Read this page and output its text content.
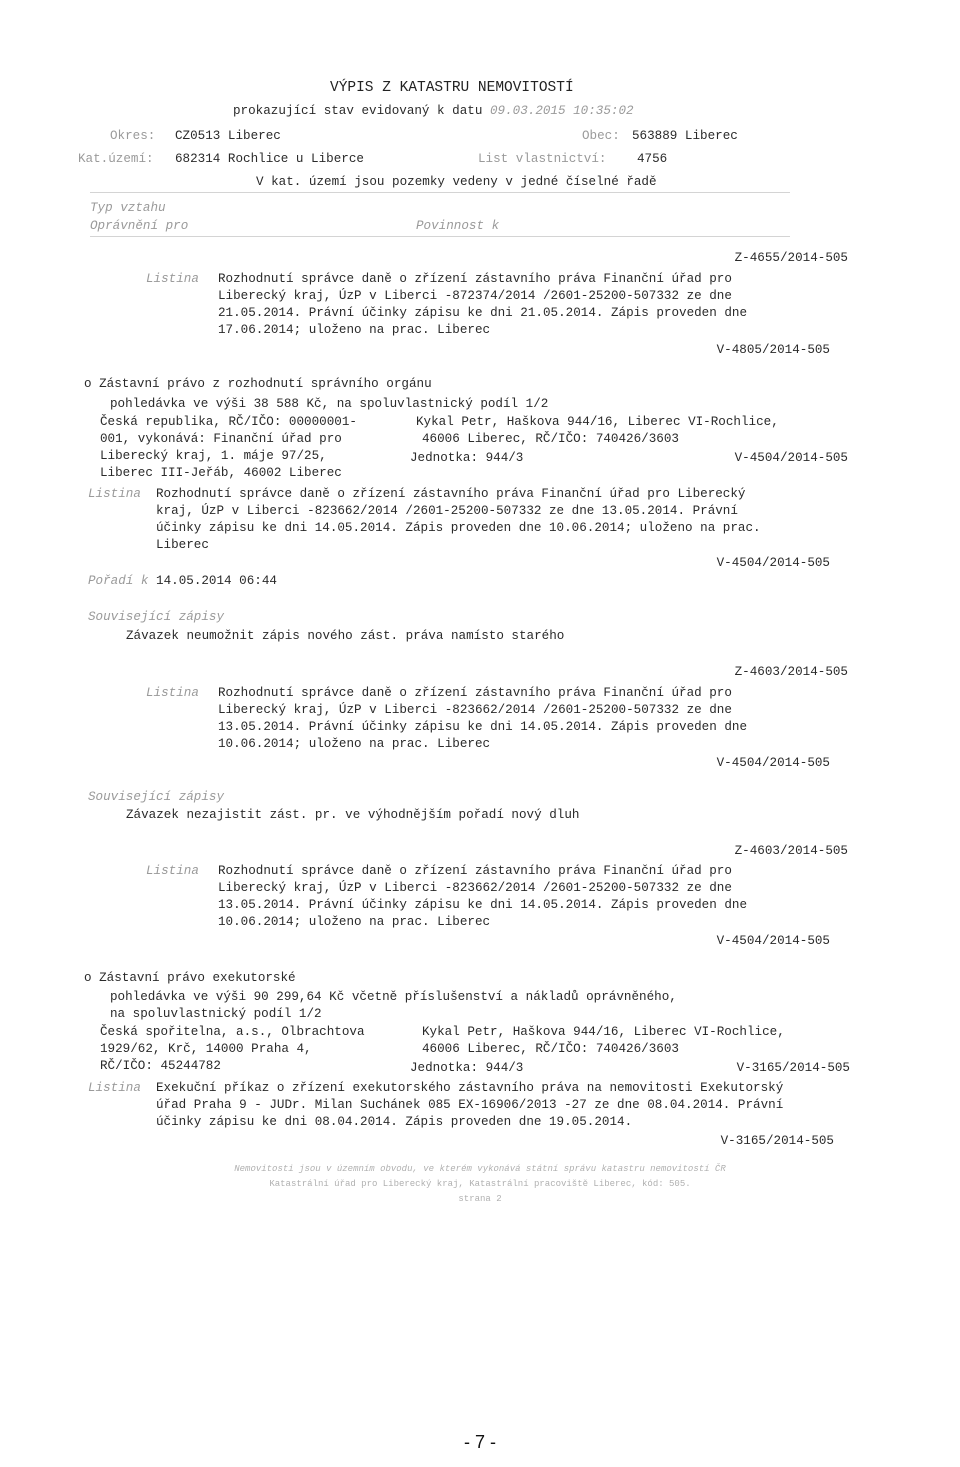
VÝPIS Z KATASTRU NEMOVITOSTÍ
prokazující stav evidovaný k datu 09.03.2015 10:35:02
Okres: CZ0513 Liberec	Obec: 563889 Liberec
Kat.území: 682314 Rochlice u Liberce	List vlastnictví: 4756
V kat. území jsou pozemky vedeny v jedné číselné řadě
Typ vztahu
Oprávnění pro	Povinnost k
Z-4655/2014-505
Listina Rozhodnutí správce daně o zřízení zástavního práva Finanční úřad pro
Liberecký kraj, ÚzP v Liberci -872374/2014 /2601-25200-507332 ze dne
21.05.2014. Právní účinky zápisu ke dni 21.05.2014. Zápis proveden dne
17.06.2014; uloženo na prac. Liberec
V-4805/2014-505
o Zástavní právo z rozhodnutí správního orgánu
pohledávka ve výši 38 588 Kč, na spoluvlastnický podíl 1/2
Česká republika, RČ/IČO: 00000001-
001, vykonává: Finanční úřad pro
Liberecký kraj, 1. máje 97/25,
Liberec III-Jeřáb, 46002 Liberec
Kykal Petr, Haškova 944/16, Liberec VI-Rochlice,
46006 Liberec, RČ/IČO: 740426/3603
Jednotka: 944/3	V-4504/2014-505
Listina Rozhodnutí správce daně o zřízení zástavního práva Finanční úřad pro Liberecký
kraj, ÚzP v Liberci -823662/2014 /2601-25200-507332 ze dne 13.05.2014. Právní
účinky zápisu ke dni 14.05.2014. Zápis proveden dne 10.06.2014; uloženo na prac.
Liberec
V-4504/2014-505
Pořadí k 14.05.2014 06:44
Související zápisy
Závazek neumožnit zápis nového zást. práva namísto starého
Z-4603/2014-505
Listina Rozhodnutí správce daně o zřízení zástavního práva Finanční úřad pro
Liberecký kraj, ÚzP v Liberci -823662/2014 /2601-25200-507332 ze dne
13.05.2014. Právní účinky zápisu ke dni 14.05.2014. Zápis proveden dne
10.06.2014; uloženo na prac. Liberec
V-4504/2014-505
Související zápisy
Závazek nezajistit zást. pr. ve výhodnějším pořadí nový dluh
Z-4603/2014-505
Listina Rozhodnutí správce daně o zřízení zástavního práva Finanční úřad pro
Liberecký kraj, ÚzP v Liberci -823662/2014 /2601-25200-507332 ze dne
13.05.2014. Právní účinky zápisu ke dni 14.05.2014. Zápis proveden dne
10.06.2014; uloženo na prac. Liberec
V-4504/2014-505
o Zástavní právo exekutorské
pohledávka ve výši 90 299,64 Kč včetně příslušenství a nákladů oprávněného,
na spoluvlastnický podíl 1/2
Česká spořitelna, a.s., Olbrachtova
1929/62, Krč, 14000 Praha 4,
RČ/IČO: 45244782
Kykal Petr, Haškova 944/16, Liberec VI-Rochlice,
46006 Liberec, RČ/IČO: 740426/3603
Jednotka: 944/3	V-3165/2014-505
Listina Exekuční příkaz o zřízení exekutorského zástavního práva na nemovitosti Exekutorský
úřad Praha 9 - JUDr. Milan Suchánek 085 EX-16906/2013 -27 ze dne 08.04.2014. Právní
účinky zápisu ke dni 08.04.2014. Zápis proveden dne 19.05.2014.
V-3165/2014-505
Nemovitosti jsou v územním obvodu, ve kterém vykonává státní správu katastru nemovitostí ČR
Katastrální úřad pro Liberecký kraj, Katastrální pracoviště Liberec, kód: 505.
strana 2
- 7 -
